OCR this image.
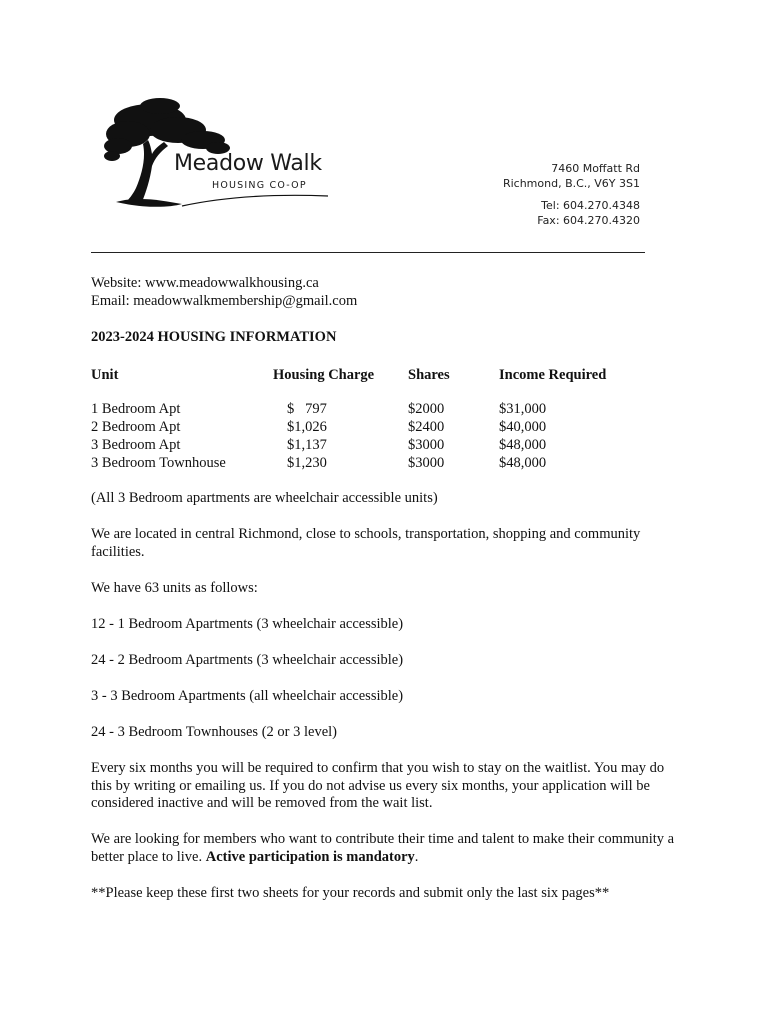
Meadow Walk
HOUSING CO-OP
7460 Moffatt Rd
Richmond, B.C., V6Y 3S1
Tel: 604.270.4348
Fax: 604.270.4320
Website: www.meadowwalkhousing.ca
Email: meadowwalkmembership@gmail.com
2023-2024 HOUSING INFORMATION
Unit	Housing Charge	Shares	Income Required

1 Bedroom Apt	$   797	$2000	$31,000
2 Bedroom Apt	$1,026	$2400	$40,000
3 Bedroom Apt	$1,137	$3000	$48,000
3 Bedroom Townhouse	$1,230	$3000	$48,000

(All 3 Bedroom apartments are wheelchair accessible units)

We are located in central Richmond, close to schools, transportation, shopping and community facilities.

We have 63 units as follows:

12 - 1 Bedroom Apartments (3 wheelchair accessible)

24 - 2 Bedroom Apartments (3 wheelchair accessible)

3 - 3 Bedroom Apartments (all wheelchair accessible)

24 - 3 Bedroom Townhouses (2 or 3 level)

Every six months you will be required to confirm that you wish to stay on the waitlist. You may do this by writing or emailing us. If you do not advise us every six months, your application will be considered inactive and will be removed from the wait list.

We are looking for members who want to contribute their time and talent to make their community a better place to live. Active participation is mandatory.

**Please keep these first two sheets for your records and submit only the last six pages**
